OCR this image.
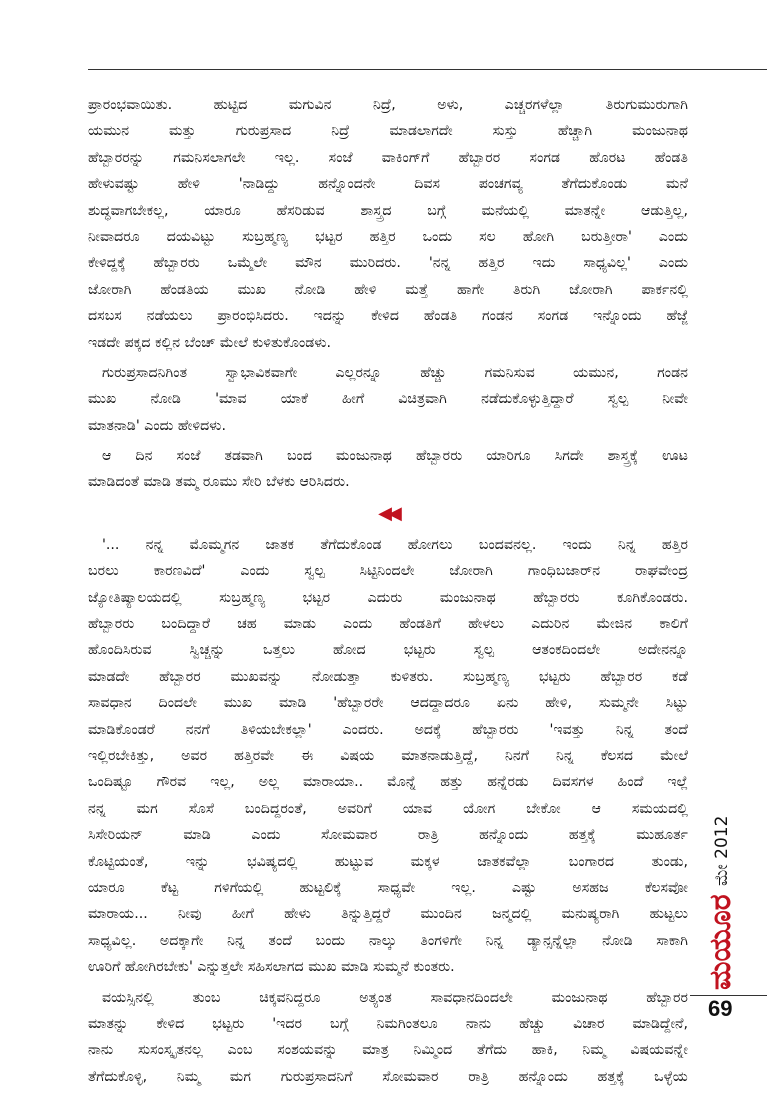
ಪ್ರಾರಂಭವಾಯಿತು. ಹುಟ್ಟಿದ ಮಗುವಿನ ನಿದ್ರೆ, ಅಳು, ಎಚ್ಚರಗಳೆಲ್ಲಾ ತಿರುಗುಮುರುಗಾಗಿ
ಯಮುನ ಮತ್ತು ಗುರುಪ್ರಸಾದ ನಿದ್ರೆ ಮಾಡಲಾಗದೇ ಸುಸ್ತು ಹೆಚ್ಚಾಗಿ ಮಂಜುನಾಥ
ಹೆಬ್ಬಾರರನ್ನು ಗಮನಿಸಲಾಗಲೇ ಇಲ್ಲ. ಸಂಜೆ ವಾಕಿಂಗ್‌ಗೆ ಹೆಬ್ಬಾರರ ಸಂಗಡ ಹೊರಟ ಹೆಂಡತಿ
ಹೇಳುವಷ್ಟು ಹೇಳಿ 'ನಾಡಿದ್ದು ಹನ್ನೊಂದನೇ ದಿವಸ ಪಂಚಗವ್ಯ ತೆಗೆದುಕೊಂಡು ಮನೆ
ಶುದ್ಧವಾಗಬೇಕಲ್ಲ, ಯಾರೂ ಹೆಸರಿಡುವ ಶಾಸ್ತ್ರದ ಬಗ್ಗೆ ಮನೆಯಲ್ಲಿ ಮಾತನ್ನೇ ಆಡುತ್ತಿಲ್ಲ,
ನೀವಾದರೂ ದಯವಿಟ್ಟು ಸುಬ್ರಹ್ಮಣ್ಯ ಭಟ್ಟರ ಹತ್ತಿರ ಒಂದು ಸಲ ಹೋಗಿ ಬರುತ್ತೀರಾ' ಎಂದು
ಕೇಳಿದ್ದಕ್ಕೆ ಹೆಬ್ಬಾರರು ಒಮ್ಮೆಲೇ ಮೌನ ಮುರಿದರು. 'ನನ್ನ ಹತ್ತಿರ ಇದು ಸಾಧ್ಯವಿಲ್ಲ' ಎಂದು
ಜೋರಾಗಿ ಹೆಂಡತಿಯ ಮುಖ ನೋಡಿ ಹೇಳಿ ಮತ್ತೆ ಹಾಗೇ ತಿರುಗಿ ಜೋರಾಗಿ ಪಾರ್ಕನಲ್ಲಿ
ದಸಬಸ ನಡೆಯಲು ಪ್ರಾರಂಭಿಸಿದರು. ಇದನ್ನು ಕೇಳಿದ ಹೆಂಡತಿ ಗಂಡನ ಸಂಗಡ ಇನ್ನೊಂದು ಹೆಜ್ಜೆ
ಇಡದೇ ಪಕ್ಕದ ಕಲ್ಲಿನ ಬೆಂಚ್ ಮೇಲೆ ಕುಳಿತುಕೊಂಡಳು.
ಗುರುಪ್ರಸಾದನಿಗಿಂತ ಸ್ವಾಭಾವಿಕವಾಗೇ ಎಲ್ಲರನ್ನೂ ಹೆಚ್ಚು ಗಮನಿಸುವ ಯಮುನ, ಗಂಡನ
ಮುಖ ನೋಡಿ 'ಮಾವ ಯಾಕೆ ಹೀಗೆ ವಿಚಿತ್ರವಾಗಿ ನಡೆದುಕೊಳ್ಳುತ್ತಿದ್ದಾರೆ ಸ್ವಲ್ಪ ನೀವೇ
ಮಾತನಾಡಿ' ಎಂದು ಹೇಳಿದಳು.
ಆ ದಿನ ಸಂಜೆ ತಡವಾಗಿ ಬಂದ ಮಂಜುನಾಥ ಹೆಬ್ಬಾರರು ಯಾರಿಗೂ ಸಿಗದೇ ಶಾಸ್ತ್ರಕ್ಕೆ ಊಟ
ಮಾಡಿದಂತೆ ಮಾಡಿ ತಮ್ಮ ರೂಮು ಸೇರಿ ಬೆಳಕು ಆರಿಸಿದರು.
◀◀
'... ನನ್ನ ಮೊಮ್ಮಗನ ಜಾತಕ ತೆಗೆದುಕೊಂಡ ಹೋಗಲು ಬಂದವನಲ್ಲ. ಇಂದು ನಿನ್ನ ಹತ್ತಿರ
ಬರಲು ಕಾರಣವಿದೆ' ಎಂದು ಸ್ವಲ್ಪ ಸಿಟ್ಟಿನಿಂದಲೇ ಜೋರಾಗಿ ಗಾಂಧಿಬಜಾರ್‌ನ ರಾಘವೇಂದ್ರ
ಜ್ಯೋತಿಷ್ಯಾಲಯದಲ್ಲಿ ಸುಬ್ರಹ್ಮಣ್ಯ ಭಟ್ಟರ ಎದುರು ಮಂಜುನಾಥ ಹೆಬ್ಬಾರರು ಕೂಗಿಕೊಂಡರು.
ಹೆಬ್ಬಾರರು ಬಂದಿದ್ದಾರೆ ಚಹ ಮಾಡು ಎಂದು ಹೆಂಡತಿಗೆ ಹೇಳಲು ಎದುರಿನ ಮೇಜಿನ ಕಾಲಿಗೆ
ಹೊಂದಿಸಿರುವ ಸ್ವಿಚ್ಚನ್ನು ಒತ್ತಲು ಹೋದ ಭಟ್ಟರು ಸ್ವಲ್ಪ ಆತಂಕದಿಂದಲೇ ಅದೇನನ್ನೂ
ಮಾಡದೇ ಹೆಬ್ಬಾರರ ಮುಖವನ್ನು ನೋಡುತ್ತಾ ಕುಳಿತರು. ಸುಬ್ರಹ್ಮಣ್ಯ ಭಟ್ಟರು ಹೆಬ್ಬಾರರ ಕಡೆ
ಸಾವಧಾನ ದಿಂದಲೇ ಮುಖ ಮಾಡಿ 'ಹೆಬ್ಬಾರರೇ ಆದದ್ದಾದರೂ ಏನು ಹೇಳಿ, ಸುಮ್ಮನೇ ಸಿಟ್ಟು
ಮಾಡಿಕೊಂಡರೆ ನನಗೆ ತಿಳಿಯಬೇಕಲ್ಲಾ' ಎಂದರು. ಅದಕ್ಕೆ ಹೆಬ್ಬಾರರು 'ಇವತ್ತು ನಿನ್ನ ತಂದೆ
ಇಲ್ಲಿರಬೇಕಿತ್ತು, ಅವರ ಹತ್ತಿರವೇ ಈ ವಿಷಯ ಮಾತನಾಡುತ್ತಿದ್ದೆ, ನಿನಗೆ ನಿನ್ನ ಕೆಲಸದ ಮೇಲೆ
ಒಂದಿಷ್ಟೂ ಗೌರವ ಇಲ್ಲ, ಅಲ್ಲ ಮಾರಾಯಾ.. ಮೊನ್ನೆ ಹತ್ತು ಹನ್ನೆರಡು ದಿವಸಗಳ ಹಿಂದೆ ಇಲ್ಲೆ
ನನ್ನ ಮಗ ಸೊಸೆ ಬಂದಿದ್ದರಂತೆ, ಅವರಿಗೆ ಯಾವ ಯೋಗ ಬೇಕೋ ಆ ಸಮಯದಲ್ಲಿ
ಸಿಸೇರಿಯನ್ ಮಾಡಿ ಎಂದು ಸೋಮವಾರ ರಾತ್ರಿ ಹನ್ನೊಂದು ಹತ್ತಕ್ಕೆ ಮುಹೂರ್ತ
ಕೊಟ್ಟಿಯಂತೆ, ಇನ್ನು ಭವಿಷ್ಯದಲ್ಲಿ ಹುಟ್ಟುವ ಮಕ್ಕಳ ಜಾತಕವೆಲ್ಲಾ ಬಂಗಾರದ ತುಂಡು,
ಯಾರೂ ಕೆಟ್ಟ ಗಳಿಗೆಯಲ್ಲಿ ಹುಟ್ಟಲಿಕ್ಕೆ ಸಾಧ್ಯವೇ ಇಲ್ಲ. ಎಷ್ಟು ಅಸಹಜ ಕೆಲಸವೋ
ಮಾರಾಯ... ನೀವು ಹೀಗೆ ಹೇಳು ತಿನ್ನುತ್ತಿದ್ದರೆ ಮುಂದಿನ ಜನ್ಮದಲ್ಲಿ ಮನುಷ್ಯರಾಗಿ ಹುಟ್ಟಲು
ಸಾಧ್ಯವಿಲ್ಲ. ಅದಕ್ಕಾಗೇ ನಿನ್ನ ತಂದೆ ಬಂದು ನಾಲ್ಕು ತಿಂಗಳಿಗೇ ನಿನ್ನ ಡ್ಯಾನ್ಸನ್ನೆಲ್ಲಾ ನೋಡಿ ಸಾಕಾಗಿ
ಊರಿಗೆ ಹೋಗಿರಬೇಕು' ಎನ್ನುತ್ತಲೇ ಸಹಿಸಲಾಗದ ಮುಖ ಮಾಡಿ ಸುಮ್ಮನೆ ಕುಂತರು.
ವಯಸ್ಸಿನಲ್ಲಿ ತುಂಬ ಚಿಕ್ಕವನಿದ್ದರೂ ಅತ್ಯಂತ ಸಾವಧಾನದಿಂದಲೇ ಮಂಜುನಾಥ ಹೆಬ್ಬಾರರ
ಮಾತನ್ನು ಕೇಳಿದ ಭಟ್ಟರು 'ಇದರ ಬಗ್ಗೆ ನಿಮಗಿಂತಲೂ ನಾನು ಹೆಚ್ಚು ವಿಚಾರ ಮಾಡಿದ್ದೇನೆ,
ನಾನು ಸುಸಂಸ್ಕೃತನಲ್ಲ ಎಂಬ ಸಂಶಯವನ್ನು ಮಾತ್ರ ನಿಮ್ಮಿಂದ ತೆಗೆದು ಹಾಕಿ, ನಿಮ್ಮ ವಿಷಯವನ್ನೇ
ತೆಗೆದುಕೊಳ್ಳಿ, ನಿಮ್ಮ ಮಗ ಗುರುಪ್ರಸಾದನಿಗೆ ಸೋಮವಾರ ರಾತ್ರಿ ಹನ್ನೊಂದು ಹತ್ತಕ್ಕೆ ಒಳ್ಳೆಯ
ಮಯೂರ
ಮೇ 2012
69
